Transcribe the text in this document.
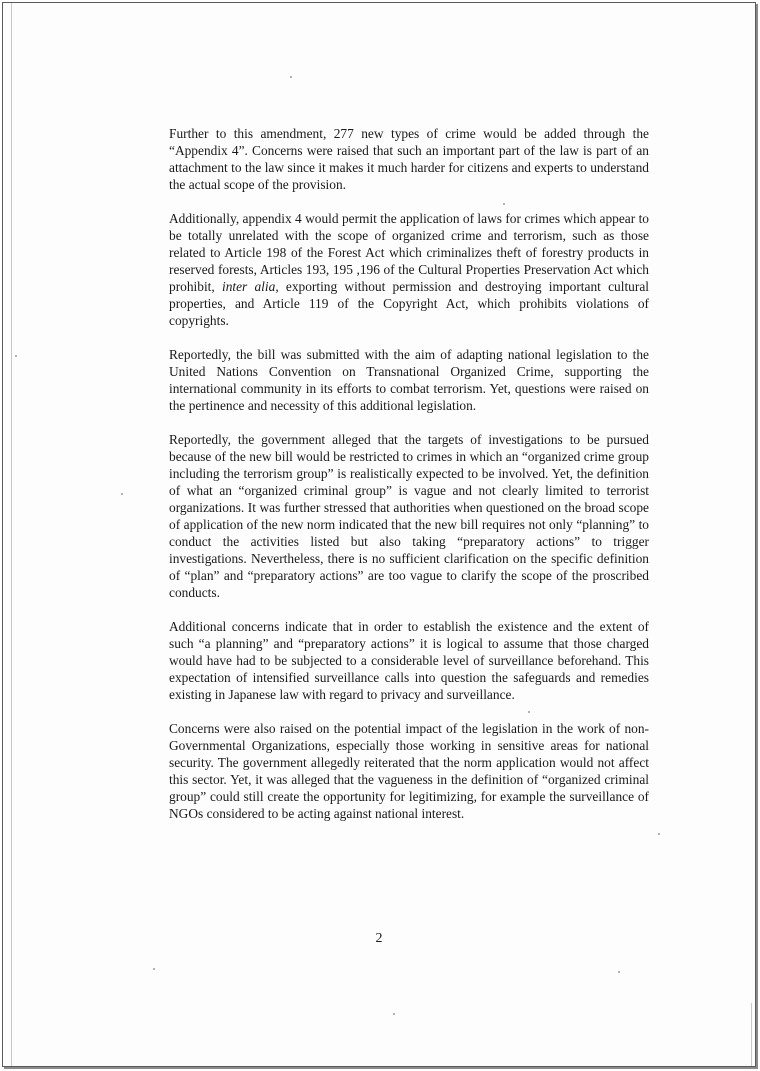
Further to this amendment, 277 new types of crime would be added through the “Appendix 4”. Concerns were raised that such an important part of the law is part of an attachment to the law since it makes it much harder for citizens and experts to understand the actual scope of the provision.

Additionally, appendix 4 would permit the application of laws for crimes which appear to be totally unrelated with the scope of organized crime and terrorism, such as those related to Article 198 of the Forest Act which criminalizes theft of forestry products in reserved forests, Articles 193, 195 ,196 of the Cultural Properties Preservation Act which prohibit, inter alia, exporting without permission and destroying important cultural properties, and Article 119 of the Copyright Act, which prohibits violations of copyrights.

Reportedly, the bill was submitted with the aim of adapting national legislation to the United Nations Convention on Transnational Organized Crime, supporting the international community in its efforts to combat terrorism. Yet, questions were raised on the pertinence and necessity of this additional legislation.

Reportedly, the government alleged that the targets of investigations to be pursued because of the new bill would be restricted to crimes in which an “organized crime group including the terrorism group” is realistically expected to be involved. Yet, the definition of what an “organized criminal group” is vague and not clearly limited to terrorist organizations. It was further stressed that authorities when questioned on the broad scope of application of the new norm indicated that the new bill requires not only “planning” to conduct the activities listed but also taking “preparatory actions” to trigger investigations. Nevertheless, there is no sufficient clarification on the specific definition of “plan” and “preparatory actions” are too vague to clarify the scope of the proscribed conducts.

Additional concerns indicate that in order to establish the existence and the extent of such “a planning” and “preparatory actions” it is logical to assume that those charged would have had to be subjected to a considerable level of surveillance beforehand. This expectation of intensified surveillance calls into question the safeguards and remedies existing in Japanese law with regard to privacy and surveillance.

Concerns were also raised on the potential impact of the legislation in the work of non-Governmental Organizations, especially those working in sensitive areas for national security. The government allegedly reiterated that the norm application would not affect this sector. Yet, it was alleged that the vagueness in the definition of “organized criminal group” could still create the opportunity for legitimizing, for example the surveillance of NGOs considered to be acting against national interest.

2
